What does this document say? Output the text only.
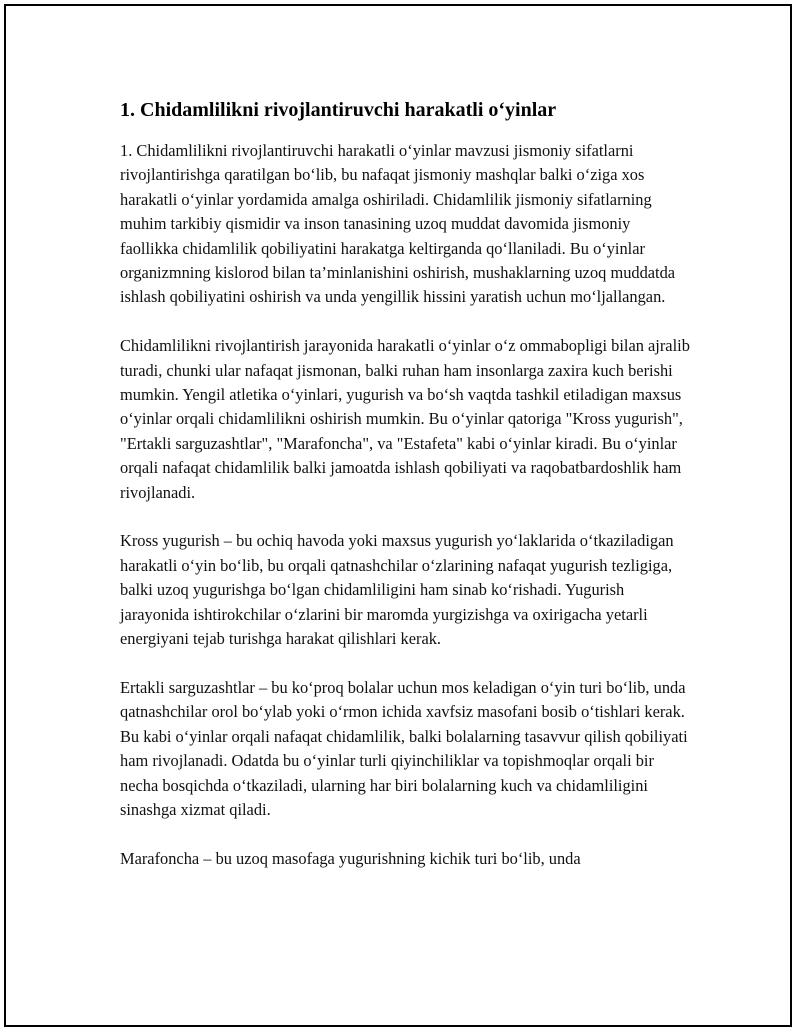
1. Chidamlilikni rivojlantiruvchi harakatli o‘yinlar

1. Chidamlilikni rivojlantiruvchi harakatli o‘yinlar mavzusi jismoniy sifatlarni rivojlantirishga qaratilgan bo‘lib, bu nafaqat jismoniy mashqlar balki o‘ziga xos harakatli o‘yinlar yordamida amalga oshiriladi. Chidamlilik jismoniy sifatlarning muhim tarkibiy qismidir va inson tanasining uzoq muddat davomida jismoniy faollikka chidamlilik qobiliyatini harakatga keltirganda qo‘llaniladi. Bu o‘yinlar organizmning kislorod bilan ta’minlanishini oshirish, mushaklarning uzoq muddatda ishlash qobiliyatini oshirish va unda yengillik hissini yaratish uchun mo‘ljallangan.

Chidamlilikni rivojlantirish jarayonida harakatli o‘yinlar o‘z ommabopligi bilan ajralib turadi, chunki ular nafaqat jismonan, balki ruhan ham insonlarga zaxira kuch berishi mumkin. Yengil atletika o‘yinlari, yugurish va bo‘sh vaqtda tashkil etiladigan maxsus o‘yinlar orqali chidamlilikni oshirish mumkin. Bu o‘yinlar qatoriga "Kross yugurish", "Ertakli sarguzashtlar", "Marafoncha", va "Estafeta" kabi o‘yinlar kiradi. Bu o‘yinlar orqali nafaqat chidamlilik balki jamoatda ishlash qobiliyati va raqobatbardoshlik ham rivojlanadi.

Kross yugurish – bu ochiq havoda yoki maxsus yugurish yo‘laklarida o‘tkaziladigan harakatli o‘yin bo‘lib, bu orqali qatnashchilar o‘zlarining nafaqat yugurish tezligiga, balki uzoq yugurishga bo‘lgan chidamliligini ham sinab ko‘rishadi. Yugurish jarayonida ishtirokchilar o‘zlarini bir maromda yurgizishga va oxirigacha yetarli energiyani tejab turishga harakat qilishlari kerak.

Ertakli sarguzashtlar – bu ko‘proq bolalar uchun mos keladigan o‘yin turi bo‘lib, unda qatnashchilar orol bo‘ylab yoki o‘rmon ichida xavfsiz masofani bosib o‘tishlari kerak. Bu kabi o‘yinlar orqali nafaqat chidamlilik, balki bolalarning tasavvur qilish qobiliyati ham rivojlanadi. Odatda bu o‘yinlar turli qiyinchiliklar va topishmoqlar orqali bir necha bosqichda o‘tkaziladi, ularning har biri bolalarning kuch va chidamliligini sinashga xizmat qiladi.

Marafoncha – bu uzoq masofaga yugurishning kichik turi bo‘lib, unda
